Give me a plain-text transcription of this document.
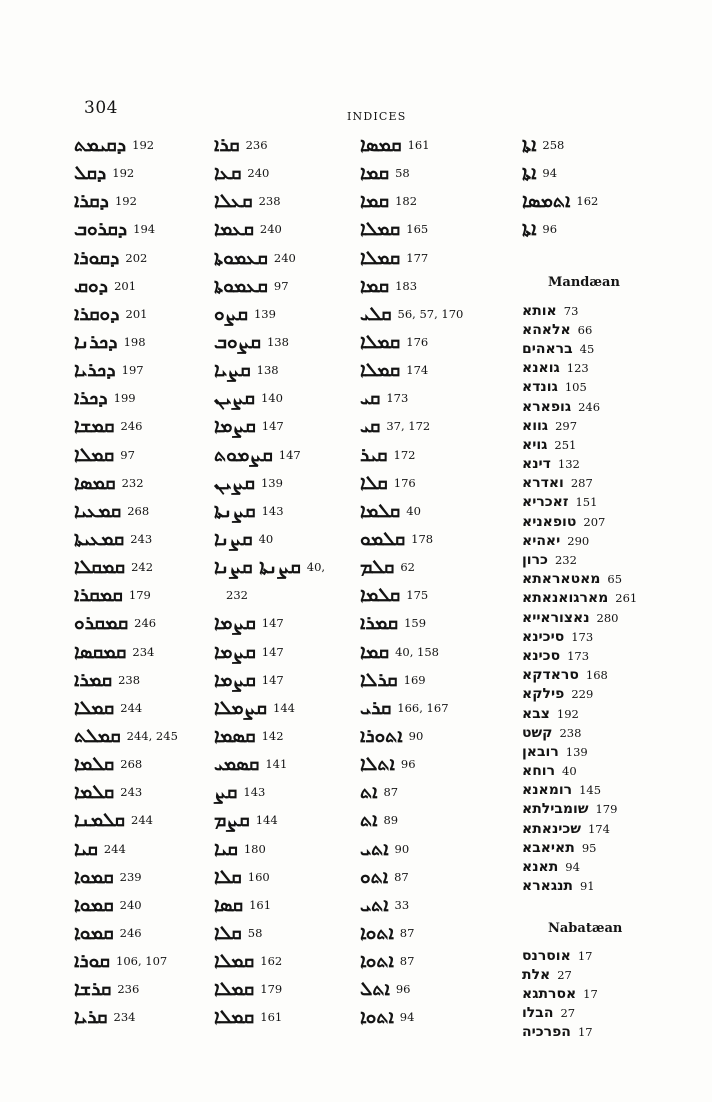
304	INDICES
ܕܩܝܡܬ 192
ܕܩܠ 192
ܕܩܪܐ 192
ܕܩܪܘܒ 194
ܕܩܘܪܐ 202
ܕܘܩ 201
ܕܘܩܪܐ 201
ܕܟܪܢܐ 198
ܕܟܪܝܐ 197
ܕܟܪܐ 199
ܩܡܫܐ 246
ܩܡܠܐ 97
ܩܡܣܐ 232
ܩܡܥܝܐ 268
ܩܡܥܝܬܐ 243
ܩܡܩܠܐ 242
ܩܡܩܪܐ 179
ܩܡܩܪܘ 246
ܩܡܩܣܐ 234
ܩܡܪܐ 238
ܩܡܠܐ 244
ܩܡܠܬ 244, 245
ܩܠܡܐ 268
ܩܠܡܐ 243
ܩܠܡܢܐ 244
ܩܝܐ 244
ܩܡܘܐ 239
ܩܡܘܐ 240
ܩܡܘܐ 246
ܩܘܪܐ 106, 107
ܩܪܫܐ 236
ܩܪܝܐ 234
ܩܪܐ 236
ܩܥܐ 240
ܩܥܠܐ 238
ܩܥܡܐ 240
ܩܥܡܘܬܐ 240
ܩܥܡܘܬܐ 97
ܩܨܘ 139
ܩܨܘܒ 138
ܩܨܝܐ 138
ܩܨܝܢ 140
ܩܨܡܐ 147
ܩܨܡܘܬ 147
ܩܨܝܢ 139
ܩܨܢܬܐ 143
ܩܨܢܐ 40
ܩܨܢܬܐ ܩܨܢܐ 40,
232
ܩܨܡܐ 147
ܩܨܡܐ 147
ܩܨܡܐ 147
ܩܨܡܠܐ 144
ܩܣܡܐ 142
ܩܣܡܝ 141
ܩܨ 143
ܩܨܡ 144
ܩܝܐ 180
ܩܠܐ 160
ܩܣܐ 161
ܩܠܐ 58
ܩܡܠܐ 162
ܩܡܠܐ 179
ܩܡܠܐ 161
ܩܡܣܐ 161
ܩܡܐ 58
ܩܡܐ 182
ܩܡܠܐ 165
ܩܡܠܐ 177
ܩܡܐ 183
ܩܠܝ 56, 57, 170
ܩܡܠܐ 176
ܩܡܠܐ 174
ܩܝ 173
ܩܝ 37, 172
ܩܝܪ 172
ܩܠܐ 176
ܩܠܡܐ 40
ܩܠܡܘ 178
ܩܠܡ 62
ܩܠܡܐ 175
ܩܡܪܐ 159
ܩܡܐ 40, 158
ܩܪܠܐ 169
ܩܪܝ 166, 167
ܐܬܘܪܐ 90
ܐܬܠܐ 96
ܐܬ 87
ܐܬ 89
ܐܬܝ 90
ܐܬܘ 87
ܐܬܝ 33
ܐܬܘܐ 87
ܐܬܘܐ 87
ܐܬܠ 96
ܐܬܘܐ 94
ܐܬܐ 258
ܐܬܐ 94
ܐܬܡܣܐ 162
ܐܬܐ 96
Mandæan
אותא 73
אלאהא 66
בראהים 45
גואנא 123
גונדא 105
גופארא 246
גווא 297
גויא 251
דינא 132
ואדרא 287
זאכריא 151
טופאניא 207
יאהיא 290
כרון 232
מאטאראתא 65
מארגואנאתא 261
נאצוראייא 280
סיכינא 173
סכינא 173
סראדקא 168
פילקא 229
צבא 192
קשט 238
רובאן 139
רוחא 40
רומאנא 145
שומבילתא 179
שכינאתא 174
תאיאבא 95
תאנא 94
תנגארא 91
Nabatæan
אוסרנס 17
אלת 27
אסרתגא 17
הבלו 27
הפרכיה 17
